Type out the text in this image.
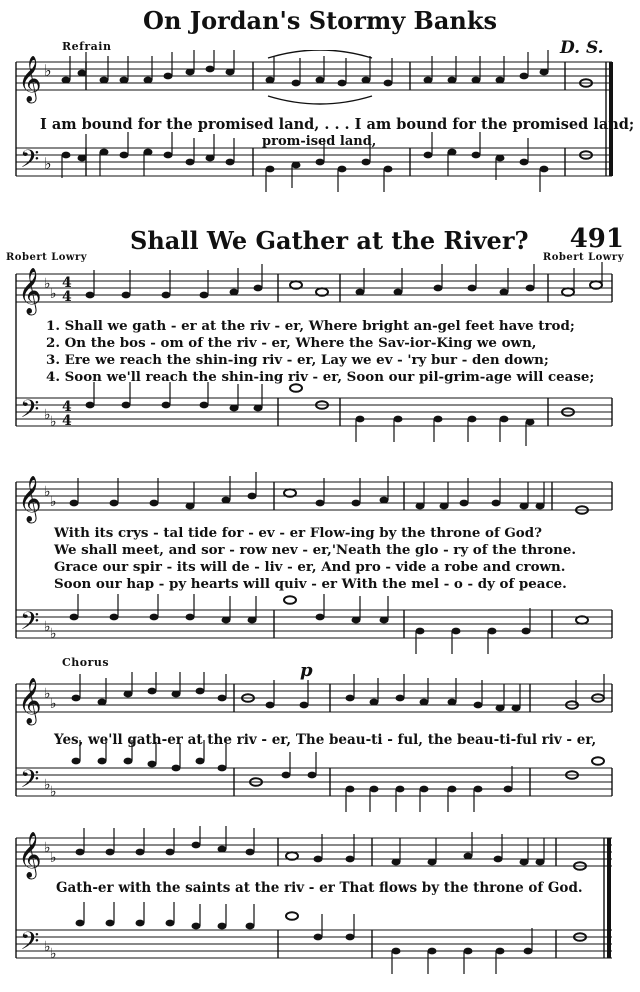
On Jordan's Stormy Banks
Refrain	D. S.
𝄞
𝄢
♭
♭
I am bound for the promised land, . . . I am bound for the promised land;
prom-ised land,
Shall We Gather at the River? 491
Robert Lowry	Robert Lowry
𝄞
𝄢
♭
♭
♭ ♭
4
4
4
4
1. Shall we gath - er at the riv - er, Where bright an-gel feet have trod;
2. On the bos - om of the riv - er, Where the Sav-ior-King we own,
3. Ere we reach the shin-ing riv - er, Lay we ev - 'ry bur - den down;
4. Soon we'll reach the shin-ing riv - er, Soon our pil-grim-age will cease;
𝄞
𝄢
♭
♭
♭ ♭
With its crys - tal tide for - ev - er Flow-ing by the throne of God?
We shall meet, and sor - row nev - er,'Neath the glo - ry of the throne.
Grace our spir - its will de - liv - er, And pro - vide a robe and crown.
Soon our hap - py hearts will quiv - er With the mel - o - dy of peace.
Chorus	p
𝄞
𝄢
♭
♭
♭ ♭
Yes, we'll gath-er at the riv - er, The beau-ti - ful, the beau-ti-ful riv - er,
𝄞
𝄢
♭
♭
♭ ♭
Gath-er with the saints at the riv - er That flows by the throne of God.
